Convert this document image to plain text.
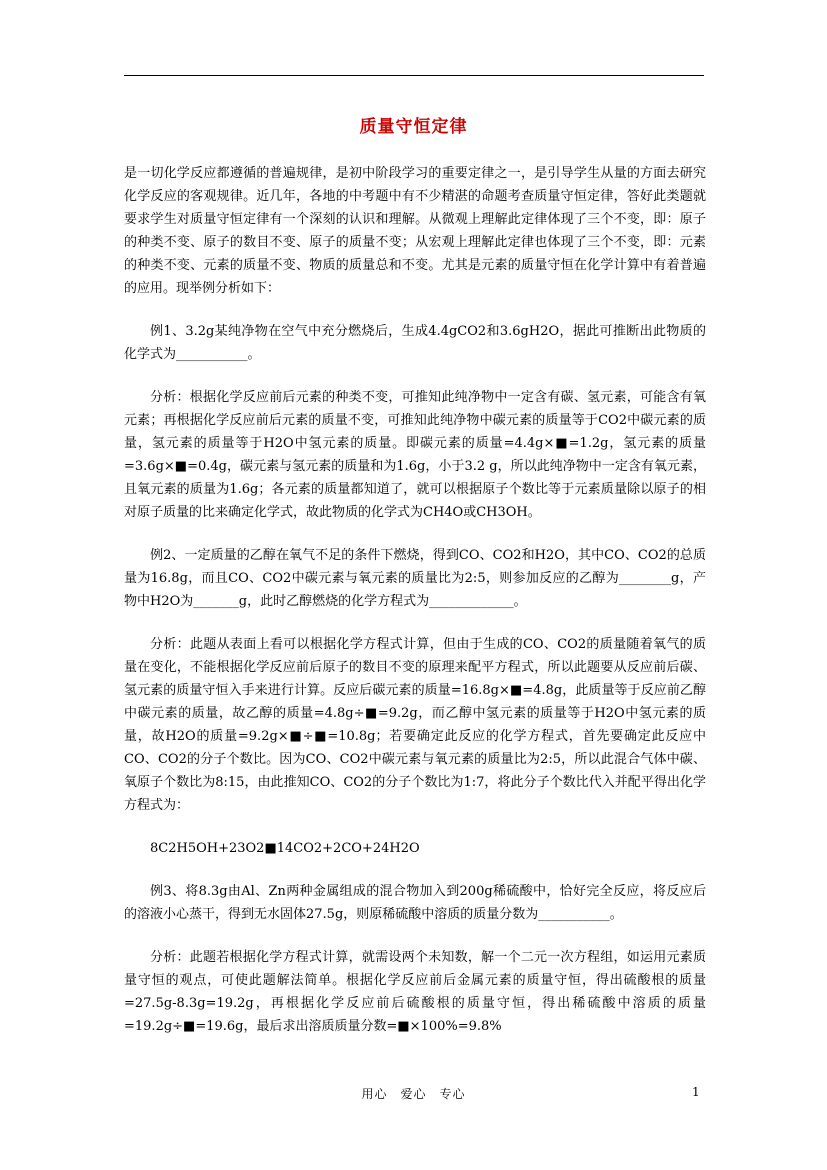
质量守恒定律

是一切化学反应都遵循的普遍规律，是初中阶段学习的重要定律之一，是引导学生从量的方面去研究化学反应的客观规律。近几年，各地的中考题中有不少精湛的命题考查质量守恒定律，答好此类题就要求学生对质量守恒定律有一个深刻的认识和理解。从微观上理解此定律体现了三个不变，即：原子的种类不变、原子的数目不变、原子的质量不变；从宏观上理解此定律也体现了三个不变，即：元素的种类不变、元素的质量不变、物质的质量总和不变。尤其是元素的质量守恒在化学计算中有着普遍的应用。现举例分析如下：

例1、3.2g某纯净物在空气中充分燃烧后，生成4.4gCO2和3.6gH2O，据此可推断出此物质的化学式为___________。

分析：根据化学反应前后元素的种类不变，可推知此纯净物中一定含有碳、氢元素，可能含有氧元素；再根据化学反应前后元素的质量不变，可推知此纯净物中碳元素的质量等于CO2中碳元素的质量，氢元素的质量等于H2O中氢元素的质量。即碳元素的质量=4.4g×■=1.2g，氢元素的质量=3.6g×■=0.4g，碳元素与氢元素的质量和为1.6g，小于3.2 g，所以此纯净物中一定含有氧元素，且氧元素的质量为1.6g；各元素的质量都知道了，就可以根据原子个数比等于元素质量除以原子的相对原子质量的比来确定化学式，故此物质的化学式为CH4O或CH3OH。

例2、一定质量的乙醇在氧气不足的条件下燃烧，得到CO、CO2和H2O，其中CO、CO2的总质量为16.8g，而且CO、CO2中碳元素与氧元素的质量比为2:5，则参加反应的乙醇为________g，产物中H2O为_______g，此时乙醇燃烧的化学方程式为_____________。

分析：此题从表面上看可以根据化学方程式计算，但由于生成的CO、CO2的质量随着氧气的质量在变化，不能根据化学反应前后原子的数目不变的原理来配平方程式，所以此题要从反应前后碳、氢元素的质量守恒入手来进行计算。反应后碳元素的质量=16.8g×■=4.8g，此质量等于反应前乙醇中碳元素的质量，故乙醇的质量=4.8g÷■=9.2g，而乙醇中氢元素的质量等于H2O中氢元素的质量，故H2O的质量=9.2g×■÷■=10.8g；若要确定此反应的化学方程式，首先要确定此反应中CO、CO2的分子个数比。因为CO、CO2中碳元素与氧元素的质量比为2:5，所以此混合气体中碳、氧原子个数比为8:15，由此推知CO、CO2的分子个数比为1:7，将此分子个数比代入并配平得出化学方程式为：

8C2H5OH+23O2■14CO2+2CO+24H2O

例3、将8.3g由Al、Zn两种金属组成的混合物加入到200g稀硫酸中，恰好完全反应，将反应后的溶液小心蒸干，得到无水固体27.5g，则原稀硫酸中溶质的质量分数为___________。

分析：此题若根据化学方程式计算，就需设两个未知数，解一个二元一次方程组，如运用元素质量守恒的观点，可使此题解法简单。根据化学反应前后金属元素的质量守恒，得出硫酸根的质量=27.5g-8.3g=19.2g，再根据化学反应前后硫酸根的质量守恒，得出稀硫酸中溶质的质量=19.2g÷■=19.6g，最后求出溶质质量分数=■×100%=9.8%

用心　爱心　专心	1
